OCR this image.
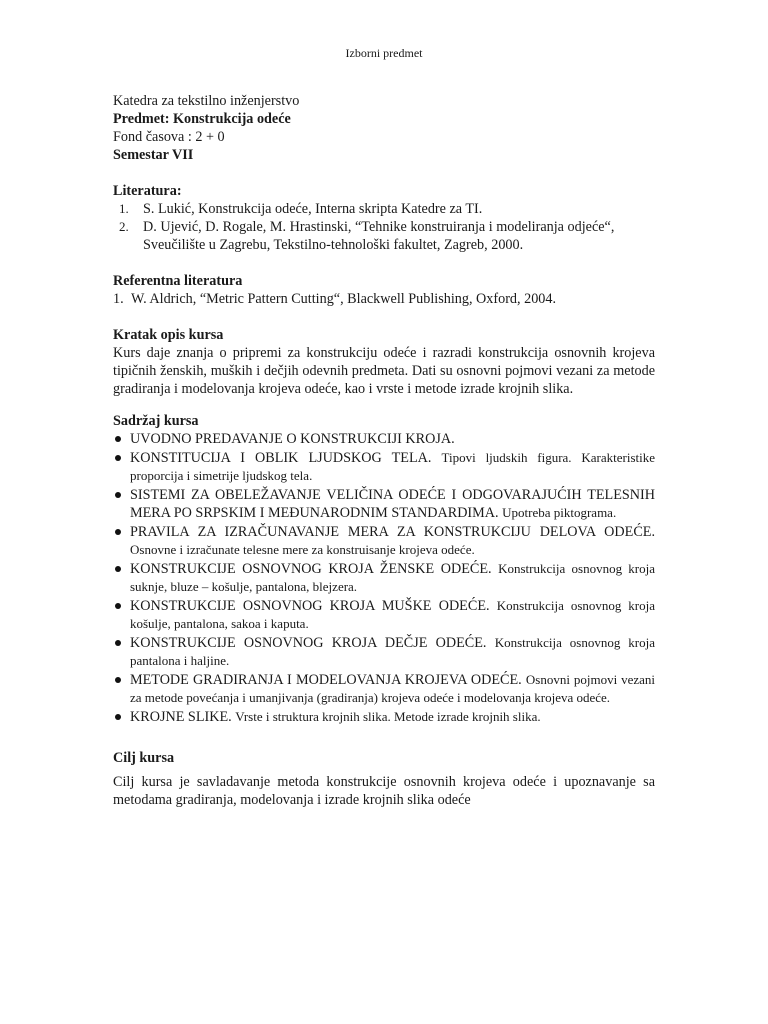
Izborni predmet
Katedra za tekstilno inženjerstvo
Predmet: Konstrukcija odeće
Fond časova : 2 + 0
Semestar VII
Literatura:
1. S. Lukić, Konstrukcija odeće, Interna skripta Katedre za TI.
2. D. Ujević, D. Rogale, M. Hrastinski, “Tehnike konstruiranja i modeliranja odjeće“, Sveučilište u Zagrebu, Tekstilno-tehnološki fakultet, Zagreb, 2000.
Referentna literatura
1. W. Aldrich, “Metric Pattern Cutting“, Blackwell Publishing, Oxford, 2004.
Kratak opis kursa
Kurs daje znanja o pripremi za konstrukciju odeće i razradi konstrukcija osnovnih krojeva tipičnih ženskih, muških i dečjih odevnih predmeta. Dati su osnovni pojmovi vezani za metode gradiranja i modelovanja krojeva odeće, kao i vrste i metode izrade krojnih slika.
Sadržaj kursa
UVODNO PREDAVANJE O KONSTRUKCIJI KROJA.
KONSTITUCIJA I OBLIK LJUDSKOG TELA. Tipovi ljudskih figura. Karakteristike proporcija i simetrije ljudskog tela.
SISTEMI ZA OBELEŽAVANJE VELIČINA ODEĆE I ODGOVARAJUĆIH TELESNIH MERA PO SRPSKIM I MEĐUNARODNIM STANDARDIMA. Upotreba piktograma.
PRAVILA ZA IZRAČUNAVANJE MERA ZA KONSTRUKCIJU DELOVA ODEĆE. Osnovne i izračunate telesne mere za konstruisanje krojeva odeće.
KONSTRUKCIJE OSNOVNOG KROJA ŽENSKE ODEĆE. Konstrukcija osnovnog kroja suknje, bluze – košulje, pantalona, blejzera.
KONSTRUKCIJE OSNOVNOG KROJA MUŠKE ODEĆE. Konstrukcija osnovnog kroja košulje, pantalona, sakoa i kaputa.
KONSTRUKCIJE OSNOVNOG KROJA DEČJE ODEĆE. Konstrukcija osnovnog kroja pantalona i haljine.
METODE GRADIRANJA I MODELOVANJA KROJEVA ODEĆE. Osnovni pojmovi vezani za metode povećanja i umanjivanja (gradiranja) krojeva odeće i modelovanja krojeva odeće.
KROJNE SLIKE. Vrste i struktura krojnih slika. Metode izrade krojnih slika.
Cilj kursa
Cilj kursa je savladavanje metoda konstrukcije osnovnih krojeva odeće i upoznavanje sa metodama gradiranja, modelovanja i izrade krojnih slika odeće
